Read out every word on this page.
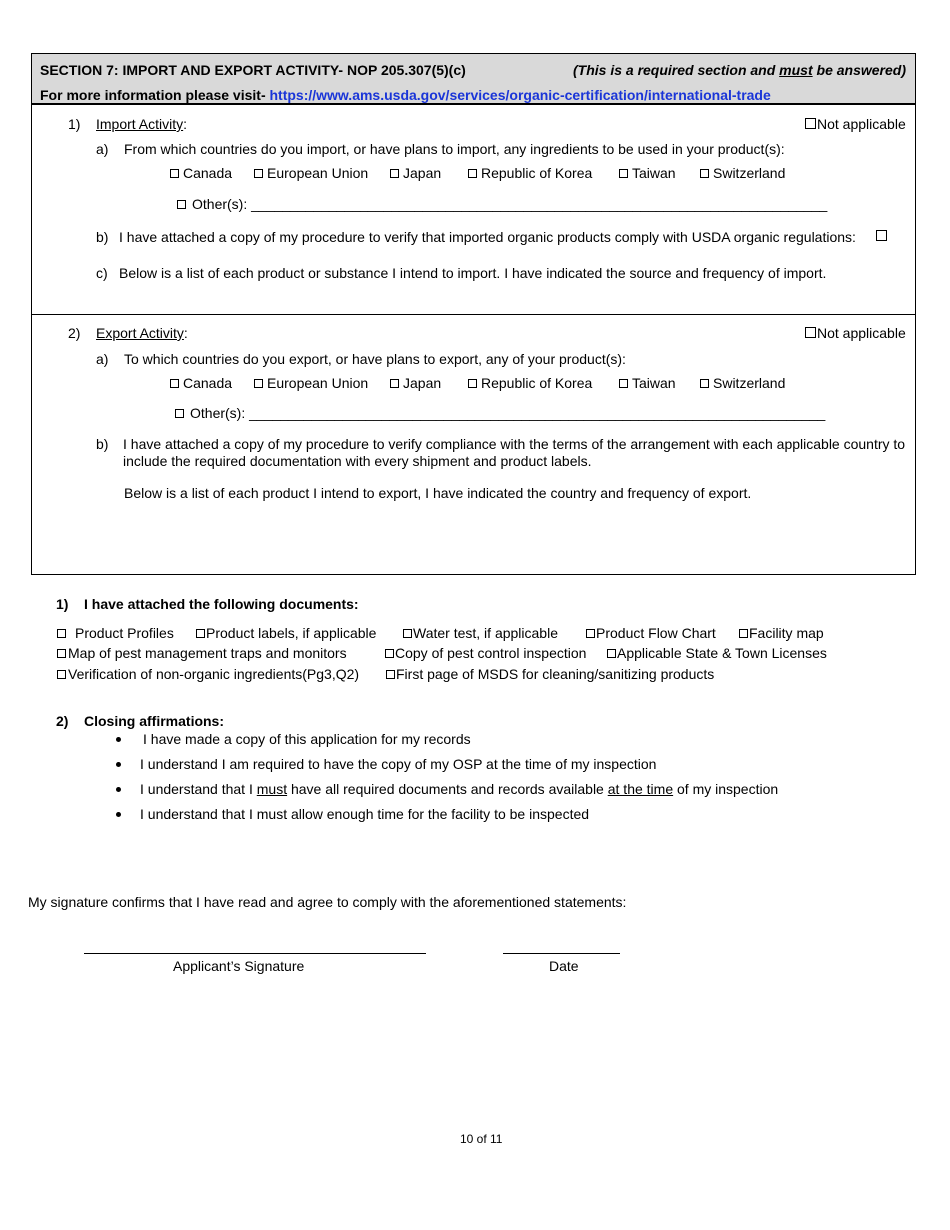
SECTION 7: IMPORT AND EXPORT ACTIVITY- NOP 205.307(5)(c)	(This is a required section and must be answered)
For more information please visit- https://www.ams.usda.gov/services/organic-certification/international-trade
1) Import Activity:	Not applicable
a) From which countries do you import, or have plans to import, any ingredients to be used in your product(s):
Canada	European Union	Japan	Republic of Korea	Taiwan	Switzerland
Other(s): __________________________________________________________________________
b) I have attached a copy of my procedure to verify that imported organic products comply with USDA organic regulations:
c) Below is a list of each product or substance I intend to import. I have indicated the source and frequency of import.
2) Export Activity:	Not applicable
a) To which countries do you export, or have plans to export, any of your product(s):
Canada	European Union	Japan	Republic of Korea	Taiwan	Switzerland
Other(s): __________________________________________________________________________
b) I have attached a copy of my procedure to verify compliance with the terms of the arrangement with each applicable country to
include the required documentation with every shipment and product labels.
Below is a list of each product I intend to export, I have indicated the country and frequency of export.
1) I have attached the following documents:
Product Profiles	Product labels, if applicable	Water test, if applicable	Product Flow Chart	Facility map
Map of pest management traps and monitors	Copy of pest control inspection	Applicable State & Town Licenses
Verification of non-organic ingredients(Pg3,Q2)	First page of MSDS for cleaning/sanitizing products
2) Closing affirmations:
I have made a copy of this application for my records
I understand I am required to have the copy of my OSP at the time of my inspection
I understand that I must have all required documents and records available at the time of my inspection
I understand that I must allow enough time for the facility to be inspected
My signature confirms that I have read and agree to comply with the aforementioned statements:
Applicant’s Signature	Date
10 of 11
